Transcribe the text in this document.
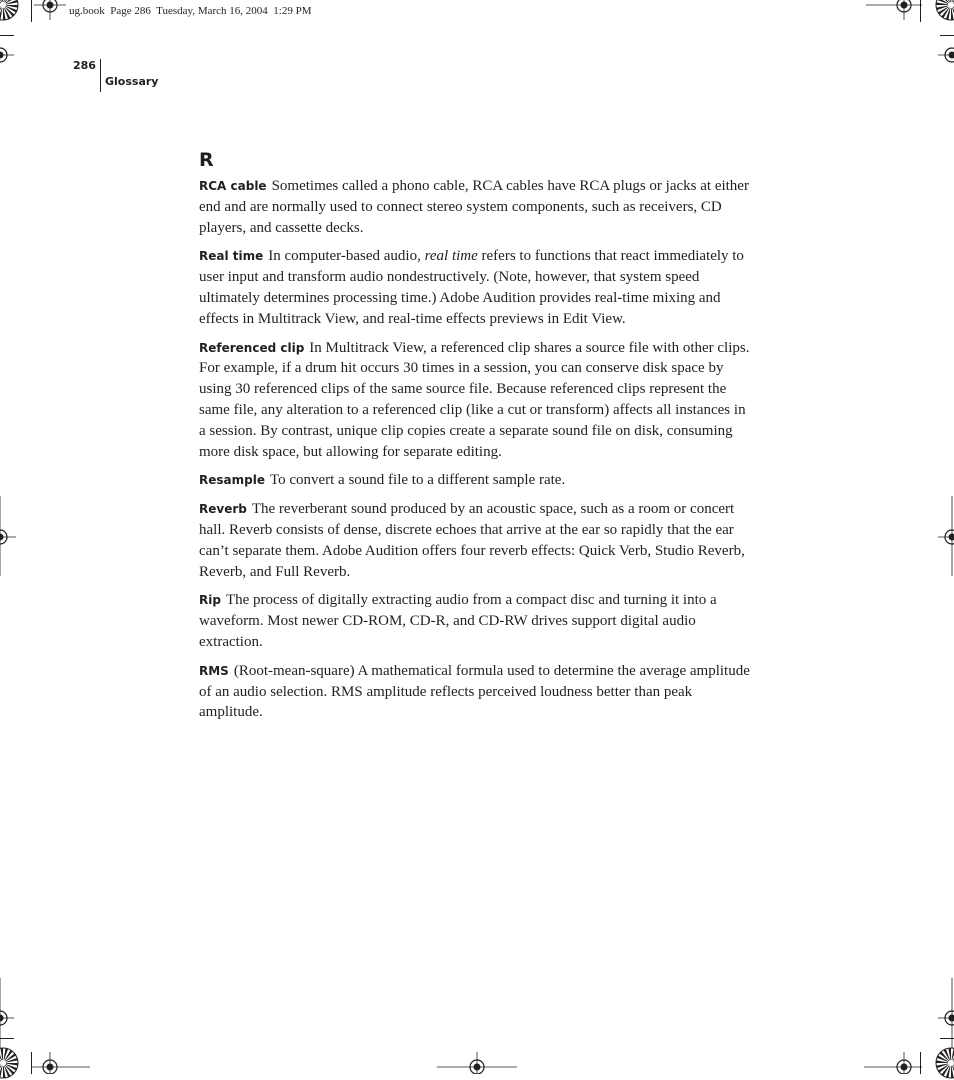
ug.book  Page 286  Tuesday, March 16, 2004  1:29 PM
286
Glossary
R

RCA cable Sometimes called a phono cable, RCA cables have RCA plugs or jacks at either end and are normally used to connect stereo system components, such as receivers, CD players, and cassette decks.

Real time In computer-based audio, real time refers to functions that react immediately to user input and transform audio nondestructively. (Note, however, that system speed ultimately determines processing time.) Adobe Audition provides real-time mixing and effects in Multitrack View, and real-time effects previews in Edit View.

Referenced clip In Multitrack View, a referenced clip shares a source file with other clips. For example, if a drum hit occurs 30 times in a session, you can conserve disk space by using 30 referenced clips of the same source file. Because referenced clips represent the same file, any alteration to a referenced clip (like a cut or transform) affects all instances in a session. By contrast, unique clip copies create a separate sound file on disk, consuming more disk space, but allowing for separate editing.

Resample To convert a sound file to a different sample rate.

Reverb The reverberant sound produced by an acoustic space, such as a room or concert hall. Reverb consists of dense, discrete echoes that arrive at the ear so rapidly that the ear can’t separate them. Adobe Audition offers four reverb effects: Quick Verb, Studio Reverb, Reverb, and Full Reverb.

Rip The process of digitally extracting audio from a compact disc and turning it into a waveform. Most newer CD-ROM, CD-R, and CD-RW drives support digital audio extraction.

RMS (Root-mean-square) A mathematical formula used to determine the average amplitude of an audio selection. RMS amplitude reflects perceived loudness better than peak amplitude.
